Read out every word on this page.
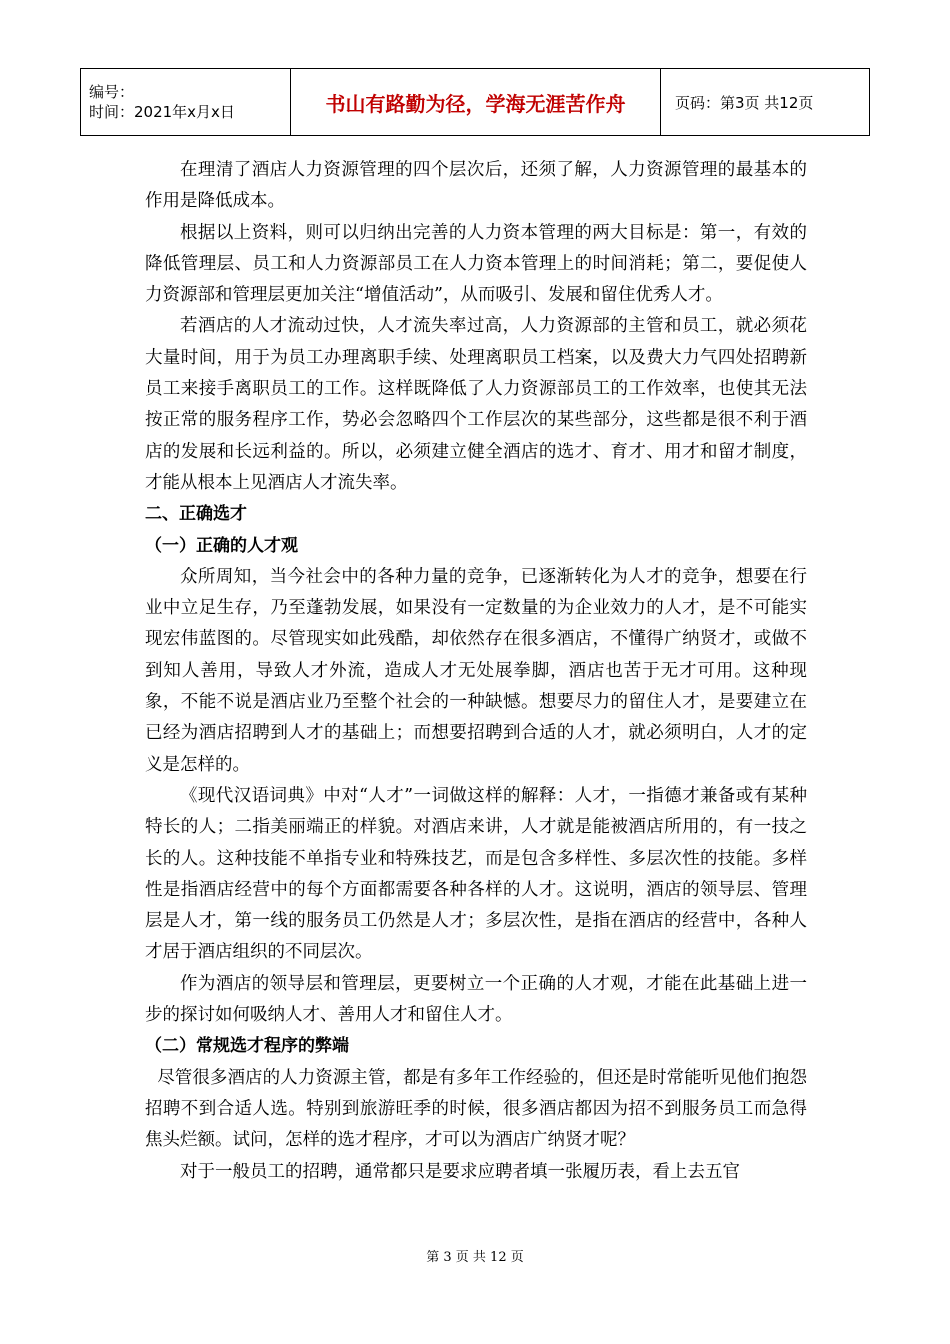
编号：
时间：2021年x月x日	书山有路勤为径，学海无涯苦作舟	页码：第3页 共12页

在理清了酒店人力资源管理的四个层次后，还须了解，人力资源管理的最基本的作用是降低成本。

根据以上资料，则可以归纳出完善的人力资本管理的两大目标是：第一，有效的降低管理层、员工和人力资源部员工在人力资本管理上的时间消耗；第二，要促使人力资源部和管理层更加关注“增值活动”，从而吸引、发展和留住优秀人才。

若酒店的人才流动过快，人才流失率过高，人力资源部的主管和员工，就必须花大量时间，用于为员工办理离职手续、处理离职员工档案，以及费大力气四处招聘新员工来接手离职员工的工作。这样既降低了人力资源部员工的工作效率，也使其无法按正常的服务程序工作，势必会忽略四个工作层次的某些部分，这些都是很不利于酒店的发展和长远利益的。所以，必须建立健全酒店的选才、育才、用才和留才制度，才能从根本上见酒店人才流失率。

二、正确选才

（一）正确的人才观

众所周知，当今社会中的各种力量的竞争，已逐渐转化为人才的竞争，想要在行业中立足生存，乃至蓬勃发展，如果没有一定数量的为企业效力的人才，是不可能实现宏伟蓝图的。尽管现实如此残酷，却依然存在很多酒店，不懂得广纳贤才，或做不到知人善用，导致人才外流，造成人才无处展拳脚，酒店也苦于无才可用。这种现象，不能不说是酒店业乃至整个社会的一种缺憾。想要尽力的留住人才，是要建立在已经为酒店招聘到人才的基础上；而想要招聘到合适的人才，就必须明白，人才的定义是怎样的。

《现代汉语词典》中对“人才”一词做这样的解释：人才，一指德才兼备或有某种特长的人；二指美丽端正的样貌。对酒店来讲，人才就是能被酒店所用的，有一技之长的人。这种技能不单指专业和特殊技艺，而是包含多样性、多层次性的技能。多样性是指酒店经营中的每个方面都需要各种各样的人才。这说明，酒店的领导层、管理层是人才，第一线的服务员工仍然是人才；多层次性，是指在酒店的经营中，各种人才居于酒店组织的不同层次。

作为酒店的领导层和管理层，更要树立一个正确的人才观，才能在此基础上进一步的探讨如何吸纳人才、善用人才和留住人才。

（二）常规选才程序的弊端

尽管很多酒店的人力资源主管，都是有多年工作经验的，但还是时常能听见他们抱怨招聘不到合适人选。特别到旅游旺季的时候，很多酒店都因为招不到服务员工而急得焦头烂额。试问，怎样的选才程序，才可以为酒店广纳贤才呢？

对于一般员工的招聘，通常都只是要求应聘者填一张履历表，看上去五官

第 3 页 共 12 页
